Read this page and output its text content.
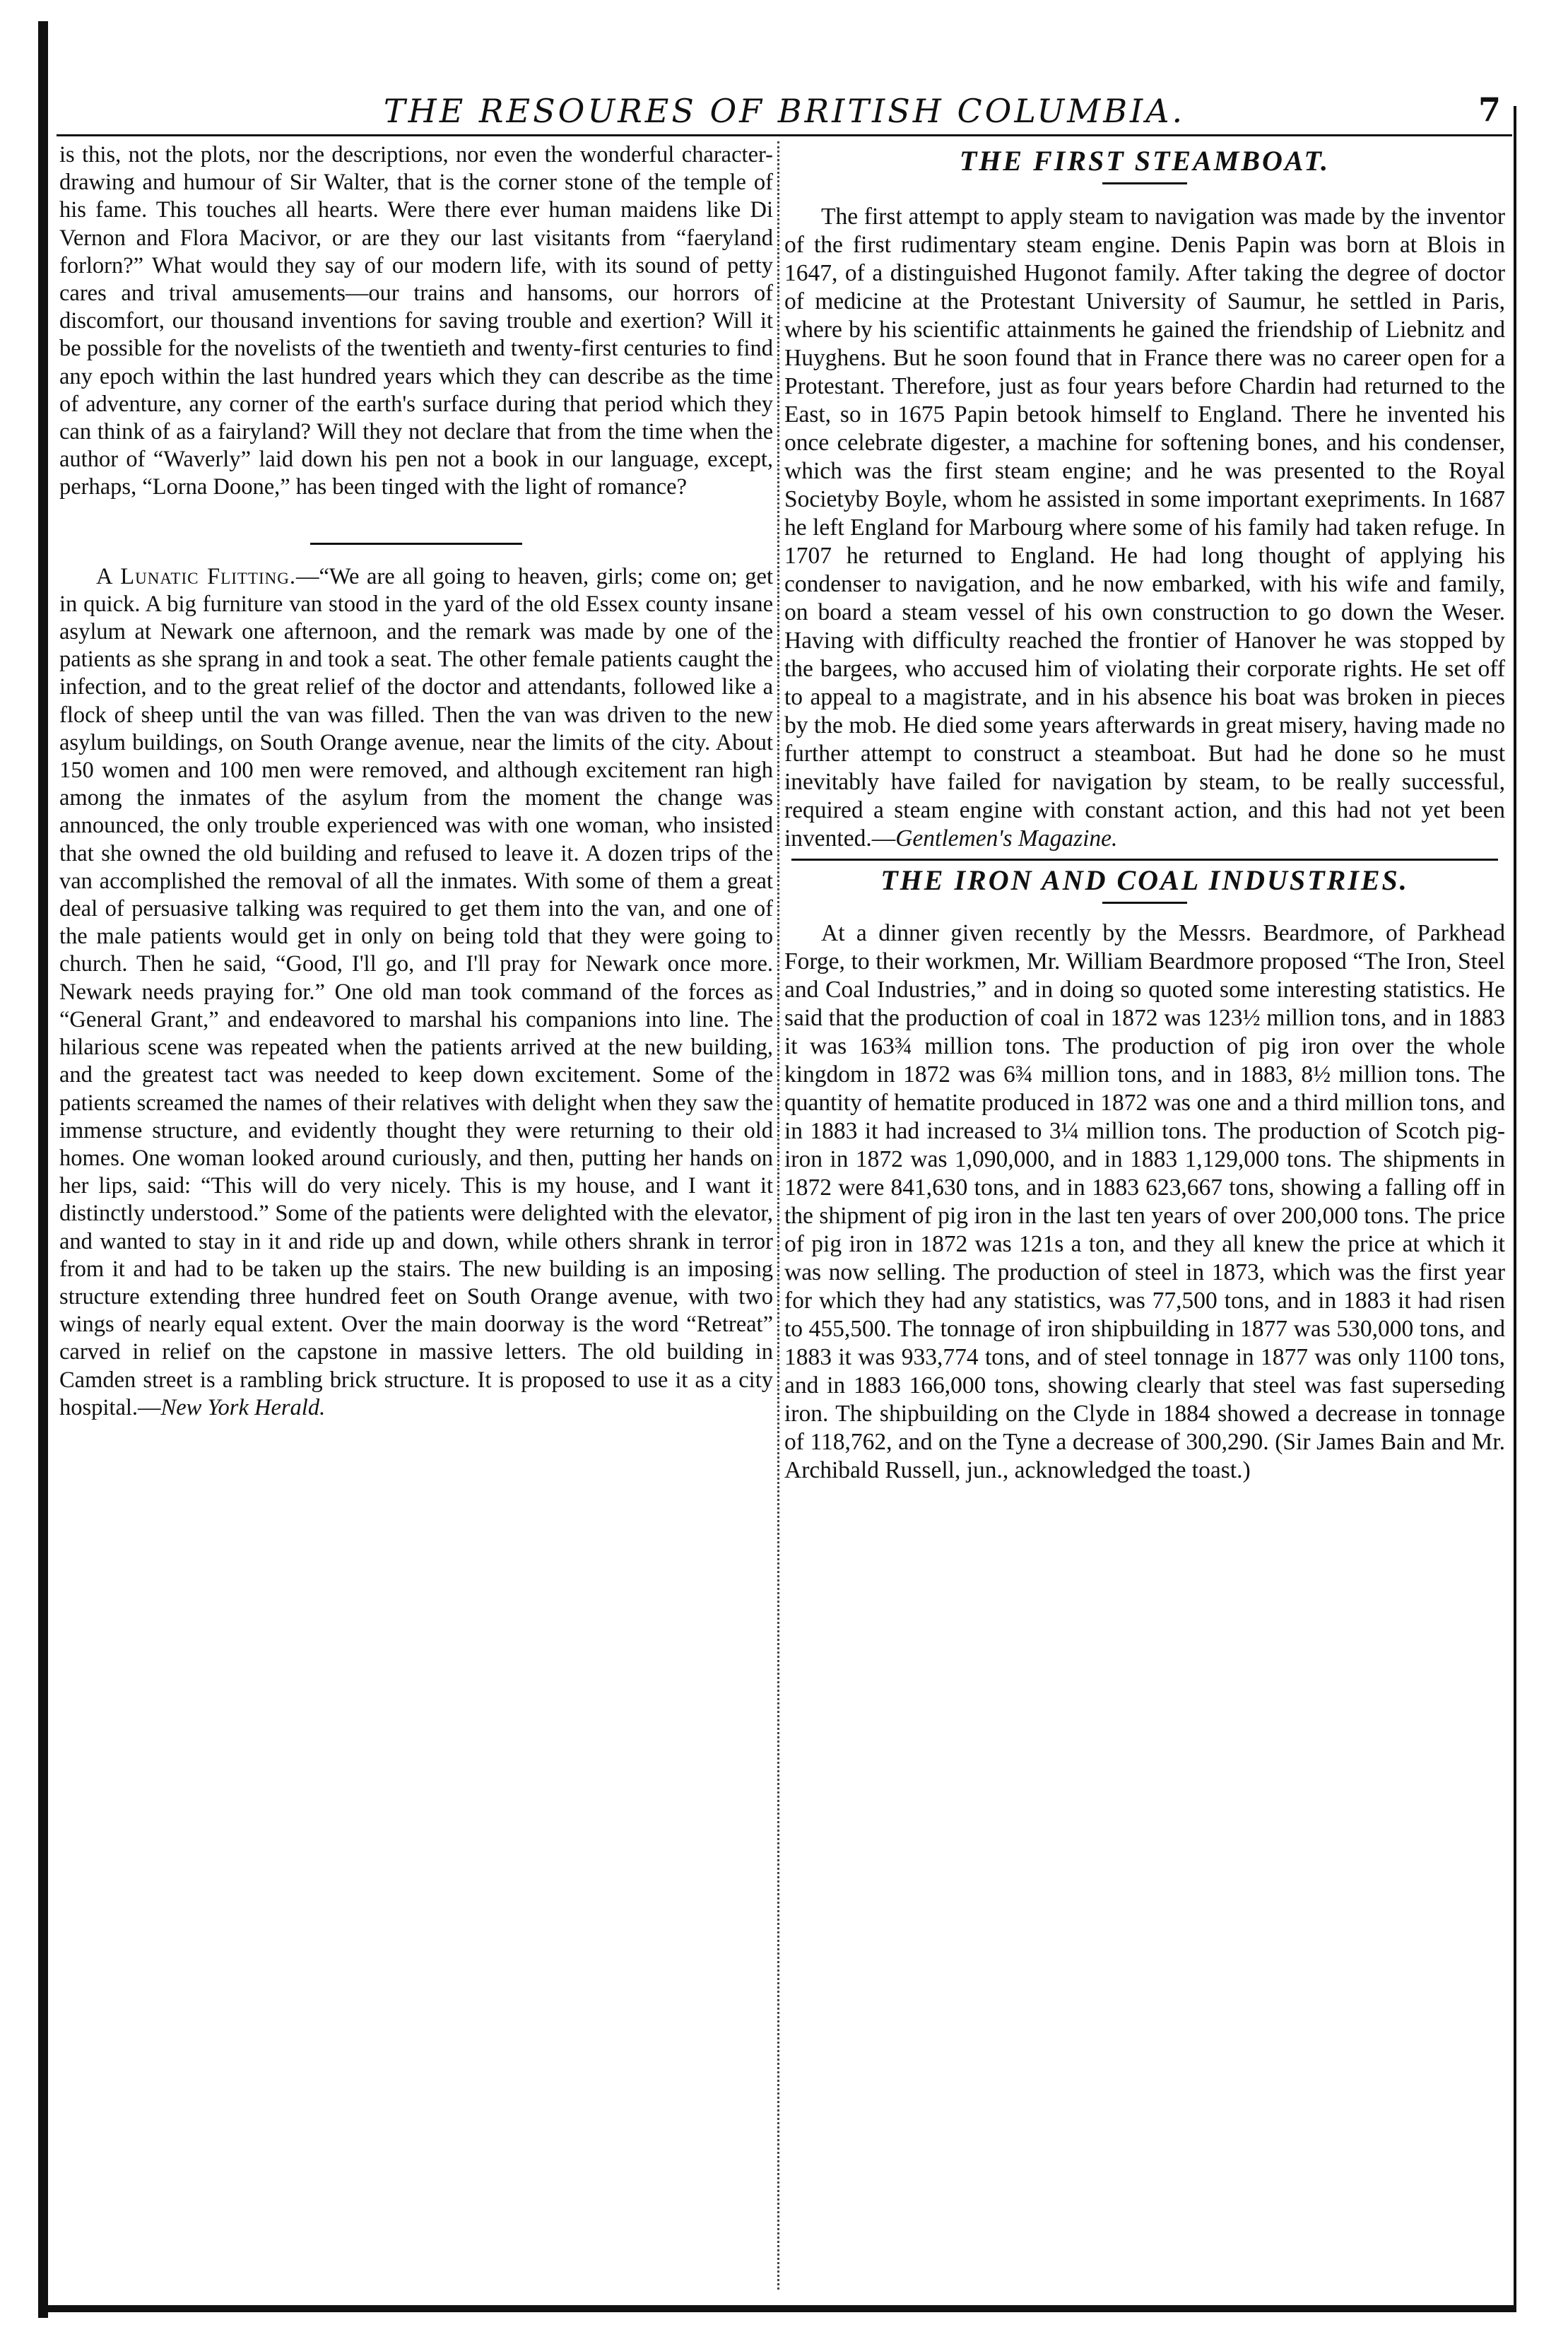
THE RESOURES OF BRITISH COLUMBIA.	7

is this, not the plots, nor the descriptions, nor even the wonderful character-drawing and humour of Sir Walter, that is the corner stone of the temple of his fame. This touches all hearts. Were there ever human maidens like Di Vernon and Flora Macivor, or are they our last visitants from “faeryland forlorn?” What would they say of our modern life, with its sound of petty cares and trival amusements—our trains and hansoms, our horrors of discomfort, our thousand inventions for saving trouble and exertion? Will it be possible for the novelists of the twentieth and twenty-first centuries to find any epoch within the last hundred years which they can describe as the time of adventure, any corner of the earth's surface during that period which they can think of as a fairyland? Will they not declare that from the time when the author of “Waverly” laid down his pen not a book in our language, except, perhaps, “Lorna Doone,” has been tinged with the light of romance?

A Lunatic Flitting.—“We are all going to heaven, girls; come on; get in quick. A big furniture van stood in the yard of the old Essex county insane asylum at Newark one afternoon, and the remark was made by one of the patients as she sprang in and took a seat. The other female patients caught the infection, and to the great relief of the doctor and attendants, followed like a flock of sheep until the van was filled. Then the van was driven to the new asylum buildings, on South Orange avenue, near the limits of the city. About 150 women and 100 men were removed, and although excitement ran high among the inmates of the asylum from the moment the change was announced, the only trouble experienced was with one woman, who insisted that she owned the old building and refused to leave it. A dozen trips of the van accomplished the removal of all the inmates. With some of them a great deal of persuasive talking was required to get them into the van, and one of the male patients would get in only on being told that they were going to church. Then he said, “Good, I'll go, and I'll pray for Newark once more. Newark needs praying for.” One old man took command of the forces as “General Grant,” and endeavored to marshal his companions into line. The hilarious scene was repeated when the patients arrived at the new building, and the greatest tact was needed to keep down excitement. Some of the patients screamed the names of their relatives with delight when they saw the immense structure, and evidently thought they were returning to their old homes. One woman looked around curiously, and then, putting her hands on her lips, said: “This will do very nicely. This is my house, and I want it distinctly understood.” Some of the patients were delighted with the elevator, and wanted to stay in it and ride up and down, while others shrank in terror from it and had to be taken up the stairs. The new building is an imposing structure extending three hundred feet on South Orange avenue, with two wings of nearly equal extent. Over the main doorway is the word “Retreat” carved in relief on the capstone in massive letters. The old building in Camden street is a rambling brick structure. It is proposed to use it as a city hospital.—New York Herald.

THE FIRST STEAMBOAT.

The first attempt to apply steam to navigation was made by the inventor of the first rudimentary steam engine. Denis Papin was born at Blois in 1647, of a distinguished Hugonot family. After taking the degree of doctor of medicine at the Protestant University of Saumur, he settled in Paris, where by his scientific attainments he gained the friendship of Liebnitz and Huyghens. But he soon found that in France there was no career open for a Protestant. Therefore, just as four years before Chardin had returned to the East, so in 1675 Papin betook himself to England. There he invented his once celebrate digester, a machine for softening bones, and his condenser, which was the first steam engine; and he was presented to the Royal Societyby Boyle, whom he assisted in some important exepriments. In 1687 he left England for Marbourg where some of his family had taken refuge. In 1707 he returned to England. He had long thought of applying his condenser to navigation, and he now embarked, with his wife and family, on board a steam vessel of his own construction to go down the Weser. Having with difficulty reached the frontier of Hanover he was stopped by the bargees, who accused him of violating their corporate rights. He set off to appeal to a magistrate, and in his absence his boat was broken in pieces by the mob. He died some years afterwards in great misery, having made no further attempt to construct a steamboat. But had he done so he must inevitably have failed for navigation by steam, to be really successful, required a steam engine with constant action, and this had not yet been invented.—Gentlemen's Magazine.

THE IRON AND COAL INDUSTRIES.

At a dinner given recently by the Messrs. Beardmore, of Parkhead Forge, to their workmen, Mr. William Beardmore proposed “The Iron, Steel and Coal Industries,” and in doing so quoted some interesting statistics. He said that the production of coal in 1872 was 123½ million tons, and in 1883 it was 163¾ million tons. The production of pig iron over the whole kingdom in 1872 was 6¾ million tons, and in 1883, 8½ million tons. The quantity of hematite produced in 1872 was one and a third million tons, and in 1883 it had increased to 3¼ million tons. The production of Scotch pig-iron in 1872 was 1,090,000, and in 1883 1,129,000 tons. The shipments in 1872 were 841,630 tons, and in 1883 623,667 tons, showing a falling off in the shipment of pig iron in the last ten years of over 200,000 tons. The price of pig iron in 1872 was 121s a ton, and they all knew the price at which it was now selling. The production of steel in 1873, which was the first year for which they had any statistics, was 77,500 tons, and in 1883 it had risen to 455,500. The tonnage of iron shipbuilding in 1877 was 530,000 tons, and 1883 it was 933,774 tons, and of steel tonnage in 1877 was only 1100 tons, and in 1883 166,000 tons, showing clearly that steel was fast superseding iron. The shipbuilding on the Clyde in 1884 showed a decrease in tonnage of 118,762, and on the Tyne a decrease of 300,290. (Sir James Bain and Mr. Archibald Russell, jun., acknowledged the toast.)
